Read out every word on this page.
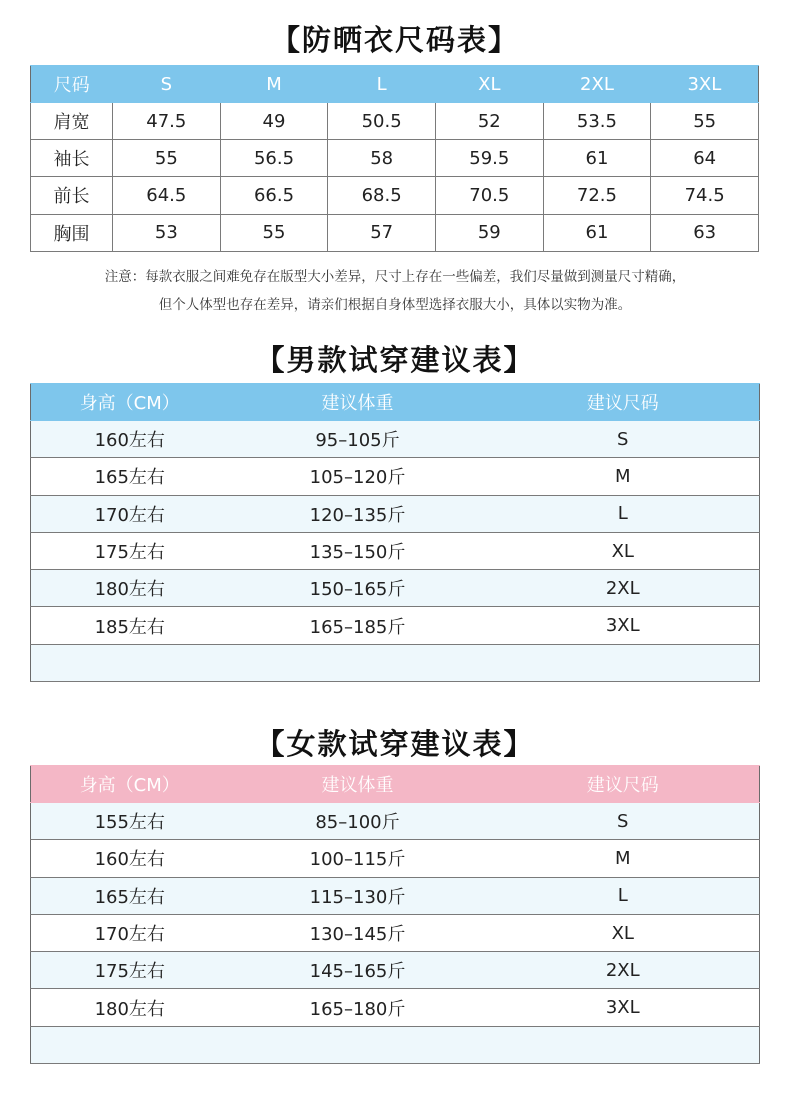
【防晒衣尺码表】
尺码	S	M	L	XL	2XL	3XL
肩宽	47.5	49	50.5	52	53.5	55
袖长	55	56.5	58	59.5	61	64
前长	64.5	66.5	68.5	70.5	72.5	74.5
胸围	53	55	57	59	61	63
注意：每款衣服之间难免存在版型大小差异，尺寸上存在一些偏差，我们尽量做到测量尺寸精确，
但个人体型也存在差异，请亲们根据自身体型选择衣服大小，具体以实物为准。
【男款试穿建议表】
身高（CM）	建议体重	建议尺码
160左右	95–105斤	S
165左右	105–120斤	M
170左右	120–135斤	L
175左右	135–150斤	XL
180左右	150–165斤	2XL
185左右	165–185斤	3XL

【女款试穿建议表】
身高（CM）	建议体重	建议尺码
155左右	85–100斤	S
160左右	100–115斤	M
165左右	115–130斤	L
170左右	130–145斤	XL
175左右	145–165斤	2XL
180左右	165–180斤	3XL
